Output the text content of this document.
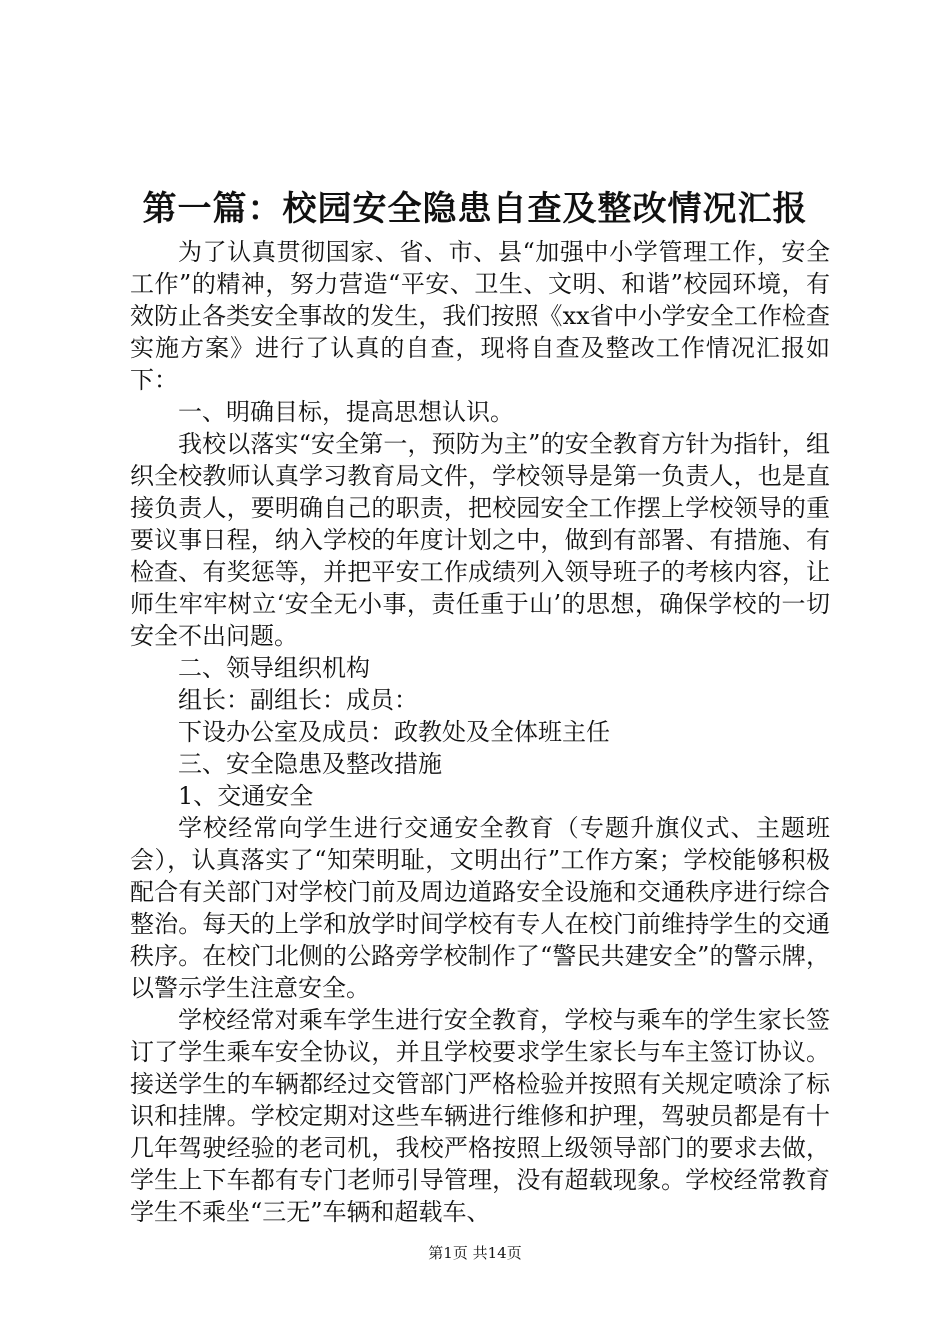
第一篇：校园安全隐患自查及整改情况汇报

为了认真贯彻国家、省、市、县“加强中小学管理工作，安全工作”的精神，努力营造“平安、卫生、文明、和谐”校园环境，有效防止各类安全事故的发生，我们按照《xx省中小学安全工作检查实施方案》进行了认真的自查，现将自查及整改工作情况汇报如下：

一、明确目标，提高思想认识。

我校以落实“安全第一，预防为主”的安全教育方针为指针，组织全校教师认真学习教育局文件，学校领导是第一负责人，也是直接负责人，要明确自己的职责，把校园安全工作摆上学校领导的重要议事日程，纳入学校的年度计划之中，做到有部署、有措施、有检查、有奖惩等，并把平安工作成绩列入领导班子的考核内容，让师生牢牢树立‘安全无小事，责任重于山’的思想，确保学校的一切安全不出问题。

二、领导组织机构

组长：副组长：成员：

下设办公室及成员：政教处及全体班主任

三、安全隐患及整改措施

1、交通安全

学校经常向学生进行交通安全教育（专题升旗仪式、主题班会），认真落实了“知荣明耻，文明出行”工作方案；学校能够积极配合有关部门对学校门前及周边道路安全设施和交通秩序进行综合整治。每天的上学和放学时间学校有专人在校门前维持学生的交通秩序。在校门北侧的公路旁学校制作了“警民共建安全”的警示牌，以警示学生注意安全。

学校经常对乘车学生进行安全教育，学校与乘车的学生家长签订了学生乘车安全协议，并且学校要求学生家长与车主签订协议。接送学生的车辆都经过交管部门严格检验并按照有关规定喷涂了标识和挂牌。学校定期对这些车辆进行维修和护理，驾驶员都是有十几年驾驶经验的老司机，我校严格按照上级领导部门的要求去做，学生上下车都有专门老师引导管理，没有超载现象。学校经常教育学生不乘坐“三无”车辆和超载车、

第1页 共14页
